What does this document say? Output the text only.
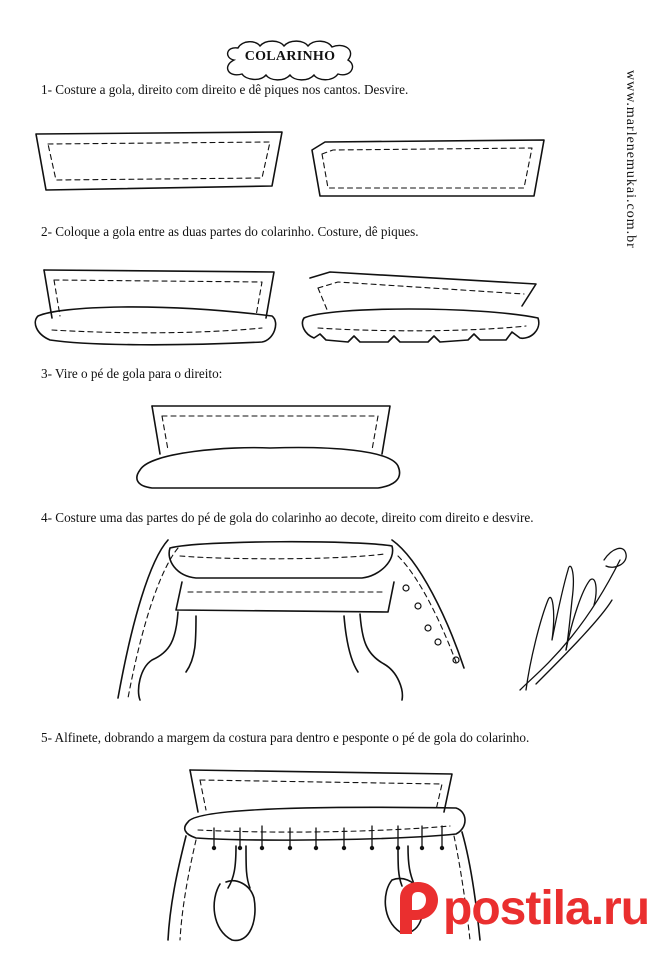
COLARINHO
1- Costure a gola, direito com direito e dê piques nos cantos. Desvire.
2- Coloque a gola entre as duas partes do colarinho. Costure, dê piques.
3- Vire o pé de gola para o direito:
4- Costure uma das partes do pé de gola do colarinho ao decote, direito com direito e desvire.
5- Alfinete, dobrando a margem da costura para dentro e pesponte o pé de gola do colarinho.
www.marlenemukai.com.br
postila.ru
